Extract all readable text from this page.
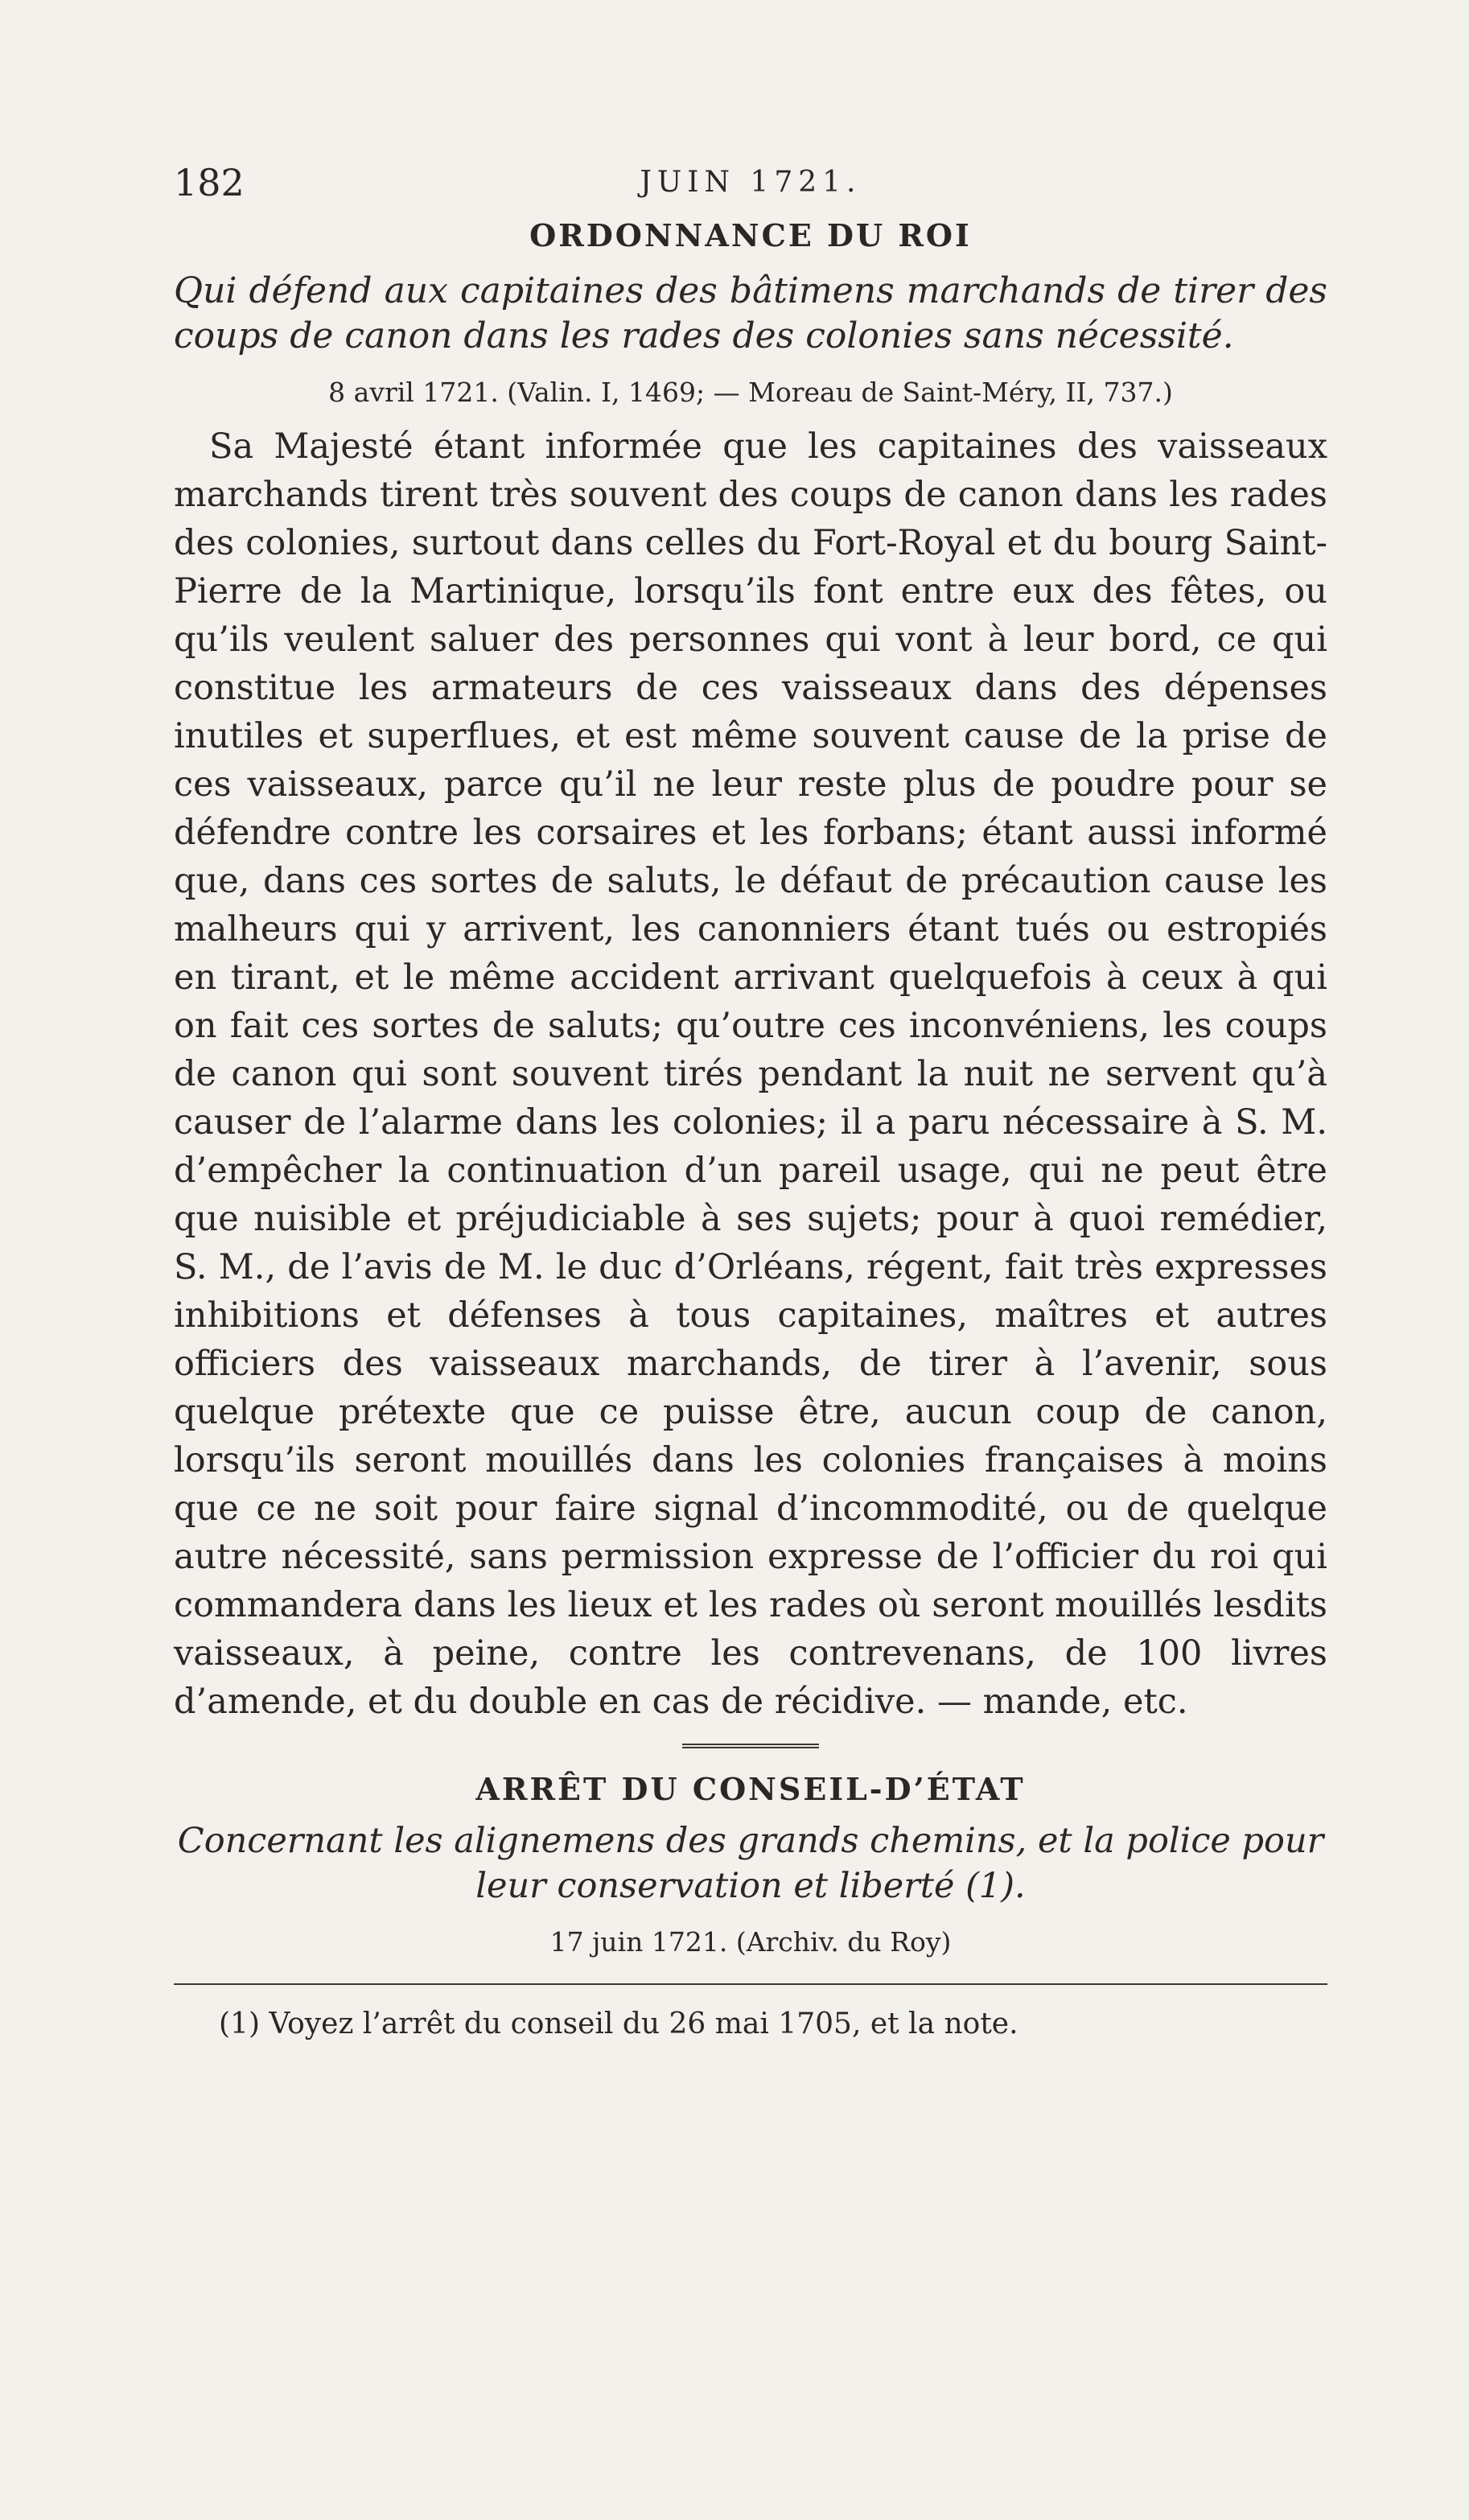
182	JUIN 1721.
ORDONNANCE DU ROI

Qui défend aux capitaines des bâtimens marchands de tirer des coups de canon dans les rades des colonies sans nécessité.

8 avril 1721. (Valin. I, 1469; — Moreau de Saint-Méry, II, 737.)

Sa Majesté étant informée que les capitaines des vaisseaux marchands tirent très souvent des coups de canon dans les rades des colonies, surtout dans celles du Fort-Royal et du bourg Saint-Pierre de la Martinique, lorsqu’ils font entre eux des fêtes, ou qu’ils veulent saluer des personnes qui vont à leur bord, ce qui constitue les armateurs de ces vaisseaux dans des dépenses inutiles et superflues, et est même souvent cause de la prise de ces vaisseaux, parce qu’il ne leur reste plus de poudre pour se défendre contre les corsaires et les forbans; étant aussi informé que, dans ces sortes de saluts, le défaut de précaution cause les malheurs qui y arrivent, les canonniers étant tués ou estropiés en tirant, et le même accident arrivant quelquefois à ceux à qui on fait ces sortes de saluts; qu’outre ces inconvéniens, les coups de canon qui sont souvent tirés pendant la nuit ne servent qu’à causer de l’alarme dans les colonies; il a paru nécessaire à S. M. d’empêcher la continuation d’un pareil usage, qui ne peut être que nuisible et préjudiciable à ses sujets; pour à quoi remédier, S. M., de l’avis de M. le duc d’Orléans, régent, fait très expresses inhibitions et défenses à tous capitaines, maîtres et autres officiers des vaisseaux marchands, de tirer à l’avenir, sous quelque prétexte que ce puisse être, aucun coup de canon, lorsqu’ils seront mouillés dans les colonies françaises à moins que ce ne soit pour faire signal d’incommodité, ou de quelque autre nécessité, sans permission expresse de l’officier du roi qui commandera dans les lieux et les rades où seront mouillés lesdits vaisseaux, à peine, contre les contrevenans, de 100 livres d’amende, et du double en cas de récidive. — mande, etc.

ARRÊT DU CONSEIL-D’ÉTAT

Concernant les alignemens des grands chemins, et la police pour leur conservation et liberté (1).

17 juin 1721. (Archiv. du Roy)

(1) Voyez l’arrêt du conseil du 26 mai 1705, et la note.
